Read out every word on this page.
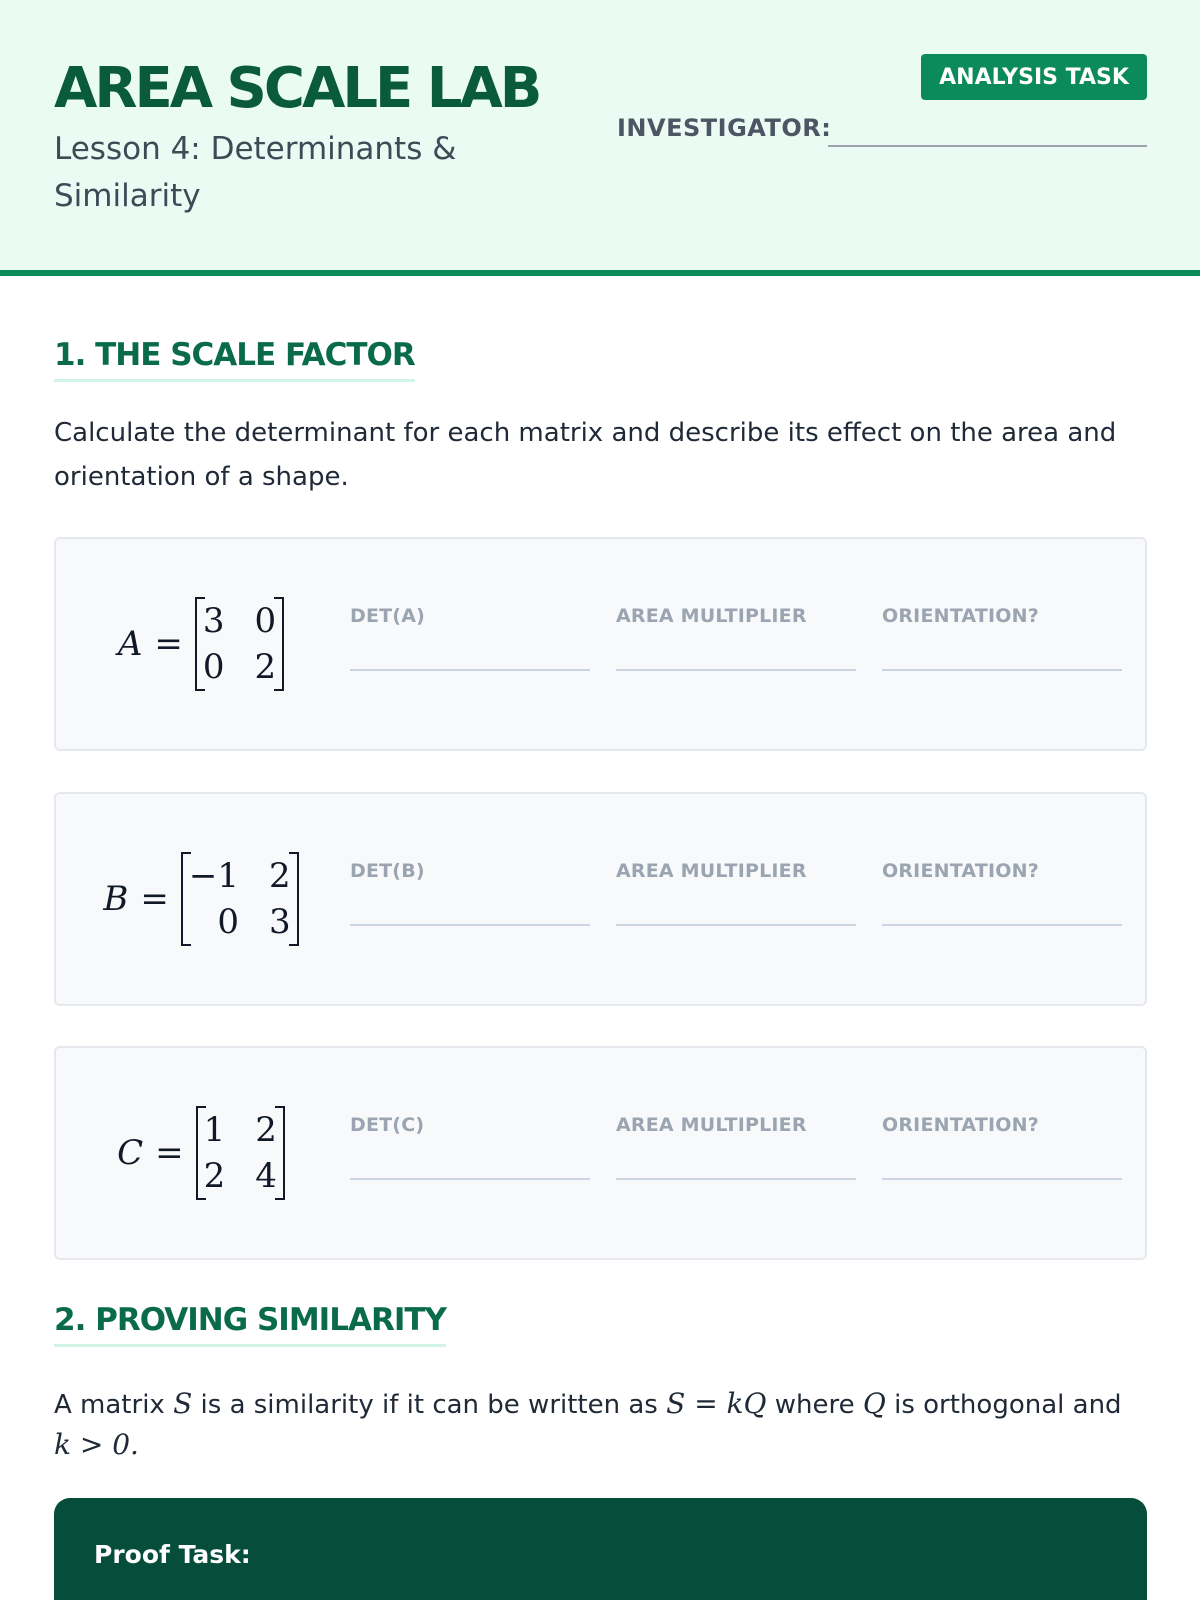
AREA SCALE LAB
Lesson 4: Determinants & Similarity
ANALYSIS TASK
INVESTIGATOR:
1. THE SCALE FACTOR
Calculate the determinant for each matrix and describe its effect on the area and orientation of a shape.
A =
3 0
0 2
DET(A)	AREA MULTIPLIER	ORIENTATION?
B =
−1 2
0 3
DET(B)	AREA MULTIPLIER	ORIENTATION?
C =
1 2
2 4
DET(C)	AREA MULTIPLIER	ORIENTATION?
2. PROVING SIMILARITY
A matrix S is a similarity if it can be written as S = kQ where Q is orthogonal and
k > 0.
Proof Task:
